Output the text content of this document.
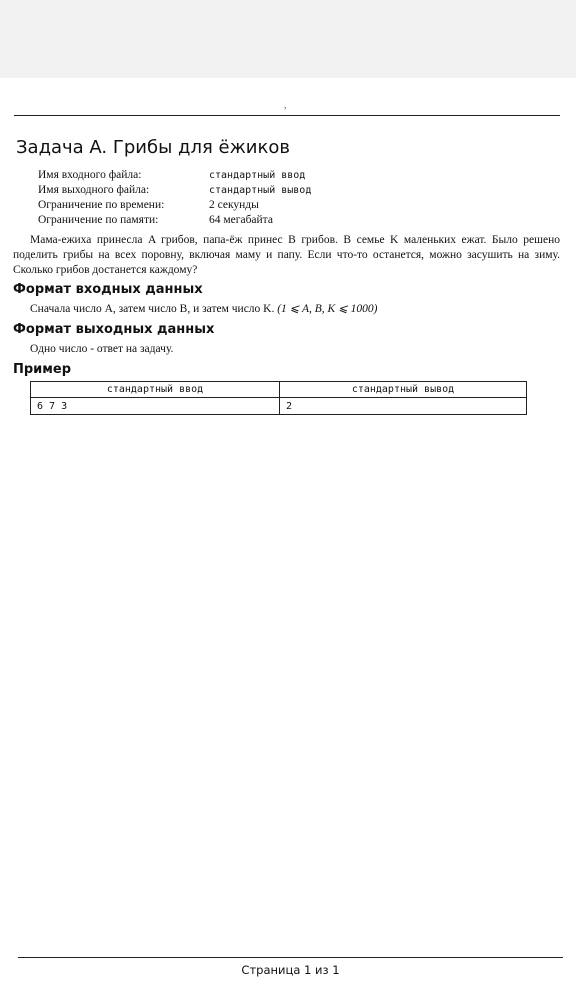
,
Задача A. Грибы для ёжиков
Имя входного файла:	стандартный ввод
Имя выходного файла:	стандартный вывод
Ограничение по времени:	2 секунды
Ограничение по памяти:	64 мегабайта
Мама-ежиха принесла A грибов, папа-ёж принес B грибов. В семье K маленьких ежат. Было решено поделить грибы на всех поровну, включая маму и папу. Если что-то останется, можно засушить на зиму. Сколько грибов достанется каждому?
Формат входных данных
Сначала число A, затем число B, и затем число K. (1 ⩽ A, B, K ⩽ 1000)
Формат выходных данных
Одно число - ответ на задачу.
Пример
стандартный ввод	стандартный вывод
6 7 3	2
Страница 1 из 1
